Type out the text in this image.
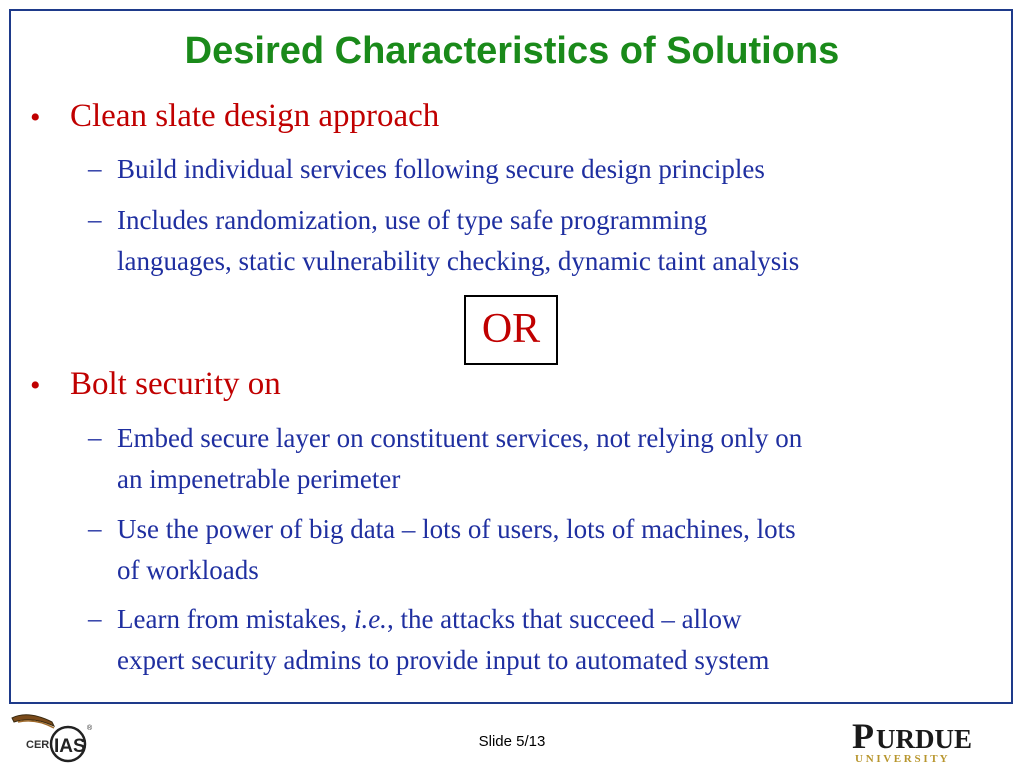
Desired Characteristics of Solutions
• Clean slate design approach
– Build individual services following secure design principles
– Includes randomization, use of type safe programming
languages, static vulnerability checking, dynamic taint analysis
OR
• Bolt security on
– Embed secure layer on constituent services, not relying only on
an impenetrable perimeter
– Use the power of big data – lots of users, lots of machines, lots
of workloads
– Learn from mistakes, i.e., the attacks that succeed – allow
expert security admins to provide input to automated system
Slide 5/13
CER IAS
®	P URDUE
U N I V E R S I T Y
